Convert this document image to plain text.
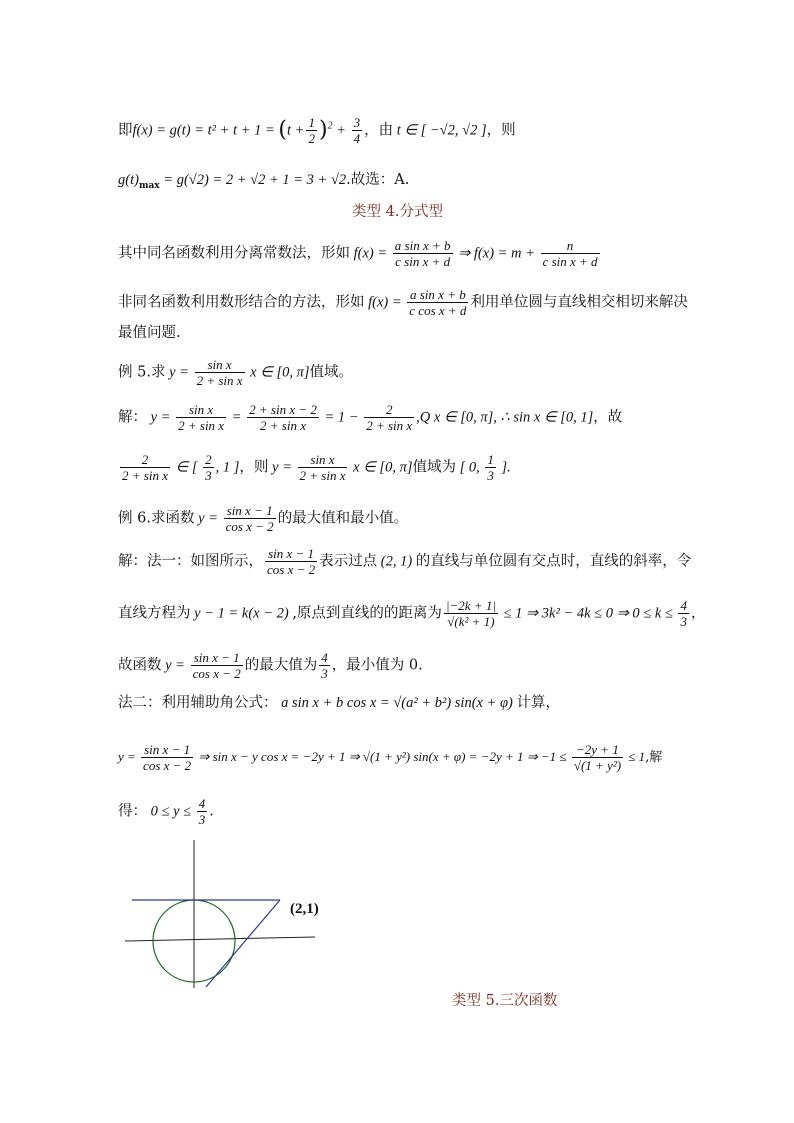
即$f(x) = g(t) = t^2 + t + 1 = (t + \frac{1}{2} )^2 + \frac{3}{4}$ ，由 t ∈ [ −√2, √2 ]，则
$g(t)_{max} = g(√2) = 2 + √2 + 1 = 3 + √2$.故选：A.
类型 4.分式型
其中同名函数利用分离常数法，形如 $f(x) = \frac{\text{a sin x + b}}{\text{c sin x + d}}$ ⇒ $f(x) = m + \frac{n}{\text{c sin x + d}}$
非同名函数利用数形结合的方法，形如 $f(x) = \frac{\text{a sin x + b}}{\text{c cos x + d}}$ 利用单位圆与直线相交相切来解决
最值问题.
例 5.求 $y = \frac{\text{sin x}}{\text{2 + sin x}}$ x ∈ [0, π]值域。
解： $y = \frac{\text{sin x}}{\text{2 + sin x}} = \frac{\text{2 + sin x − 2}}{\text{2 + sin x}} = 1 - \frac{2}{\text{2 + sin x}} ,Q$ x ∈ [0, π], ∴ sin x ∈ [0, 1]，故
$\frac{2}{\text{2 + sin x}}$ ∈ [ $\frac{2}{3}$ , 1 ]，则 $y = \frac{\text{sin x}}{\text{2 + sin x}}$ x ∈ [0, π]值域为 [ 0, $\frac{1}{3}$ ].
例 6.求函数 $y = \frac{\text{sin x − 1}}{\text{cos x − 2}}$ 的最大值和最小值。
解：法一：如图所示， $\frac{\text{sin x − 1}}{\text{cos x − 2}}$ 表示过点 (2, 1) 的直线与单位圆有交点时，直线的斜率，令
直线方程为 y − 1 = k(x − 2) ,原点到直线的的距离为 $\frac{|-2k + 1|}{\text{√(k² + 1)}} \le 1$ ⇒ 3k² − 4k ≤ 0 ⇒ $0 \le k \le \frac{4}{3}$ ，
故函数 $y = \frac{\text{sin x − 1}}{\text{cos x − 2}}$ 的最大值为 $\frac{4}{3}$ ，最小值为 0.
法二：利用辅助角公式： a sin x + b cos x = √(a² + b²) sin(x + φ) 计算，
$y = \frac{\text{sin x − 1}}{\text{cos x − 2}}$ ⇒ sin x − y cos x = −2y + 1 ⇒ √(1 + y²) sin(x + φ) = −2y + 1 ⇒ $-1 \le \frac{-2y + 1}{\text{√(1 + y²)}} \le 1$,解
得： $0 \le y \le \frac{4}{3}$ .
(2,1)
类型 5.三次函数
